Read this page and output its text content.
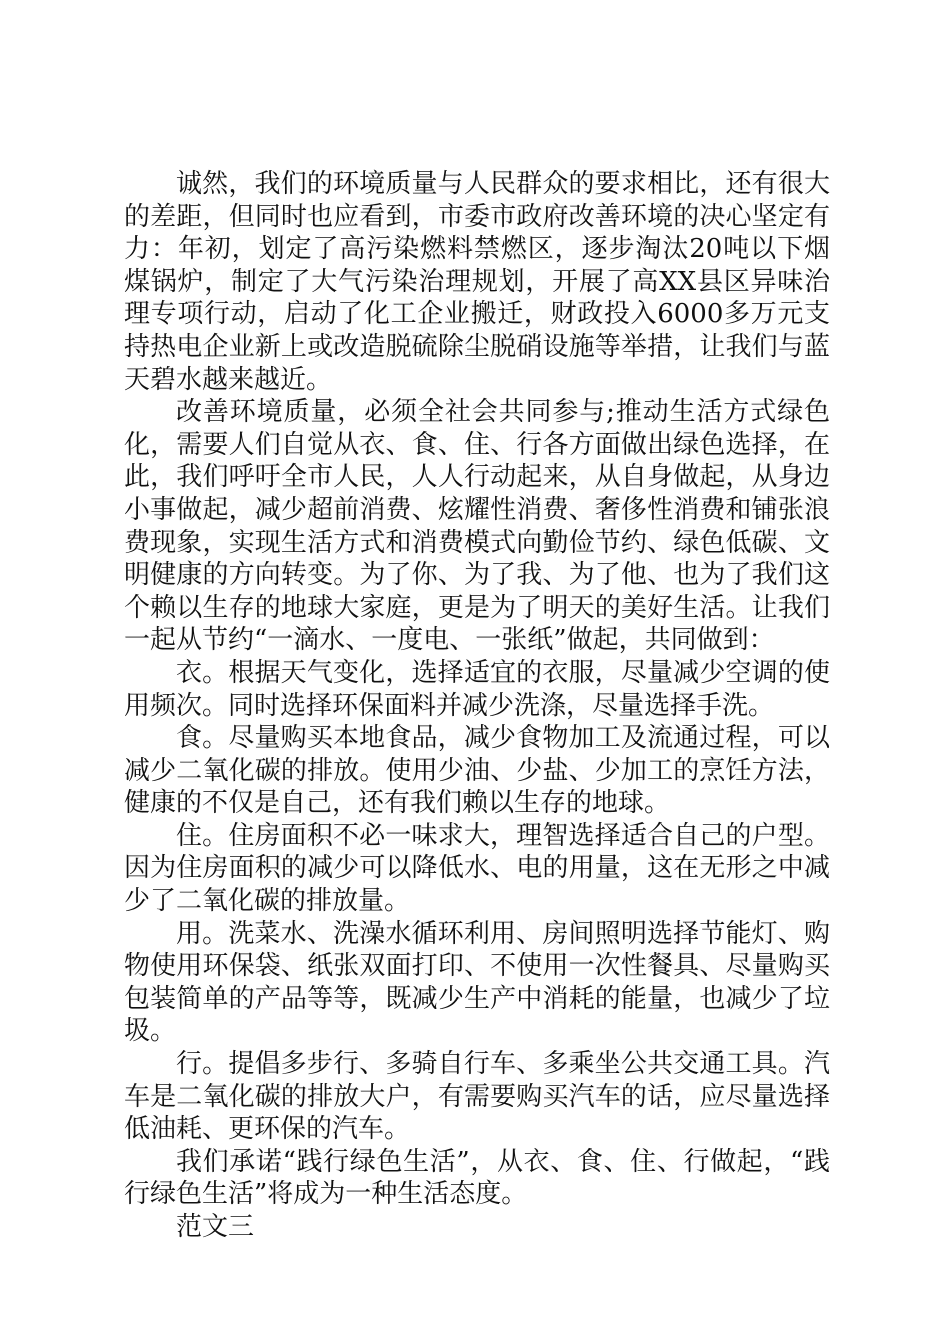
诚然，我们的环境质量与人民群众的要求相比，还有很大的差距，但同时也应看到，市委市政府改善环境的决心坚定有力：年初，划定了高污染燃料禁燃区，逐步淘汰20吨以下烟煤锅炉，制定了大气污染治理规划，开展了高XX县区异味治理专项行动，启动了化工企业搬迁，财政投入6000多万元支持热电企业新上或改造脱硫除尘脱硝设施等举措，让我们与蓝天碧水越来越近。

改善环境质量，必须全社会共同参与;推动生活方式绿色化，需要人们自觉从衣、食、住、行各方面做出绿色选择，在此，我们呼吁全市人民，人人行动起来，从自身做起，从身边小事做起，减少超前消费、炫耀性消费、奢侈性消费和铺张浪费现象，实现生活方式和消费模式向勤俭节约、绿色低碳、文明健康的方向转变。为了你、为了我、为了他、也为了我们这个赖以生存的地球大家庭，更是为了明天的美好生活。让我们一起从节约“一滴水、一度电、一张纸”做起，共同做到：

衣。根据天气变化，选择适宜的衣服，尽量减少空调的使用频次。同时选择环保面料并减少洗涤，尽量选择手洗。

食。尽量购买本地食品，减少食物加工及流通过程，可以减少二氧化碳的排放。使用少油、少盐、少加工的烹饪方法，健康的不仅是自己，还有我们赖以生存的地球。

住。住房面积不必一味求大，理智选择适合自己的户型。因为住房面积的减少可以降低水、电的用量，这在无形之中减少了二氧化碳的排放量。

用。洗菜水、洗澡水循环利用、房间照明选择节能灯、购物使用环保袋、纸张双面打印、不使用一次性餐具、尽量购买包装简单的产品等等，既减少生产中消耗的能量，也减少了垃圾。

行。提倡多步行、多骑自行车、多乘坐公共交通工具。汽车是二氧化碳的排放大户，有需要购买汽车的话，应尽量选择低油耗、更环保的汽车。

我们承诺“践行绿色生活”，从衣、食、住、行做起，“践行绿色生活”将成为一种生活态度。

范文三
